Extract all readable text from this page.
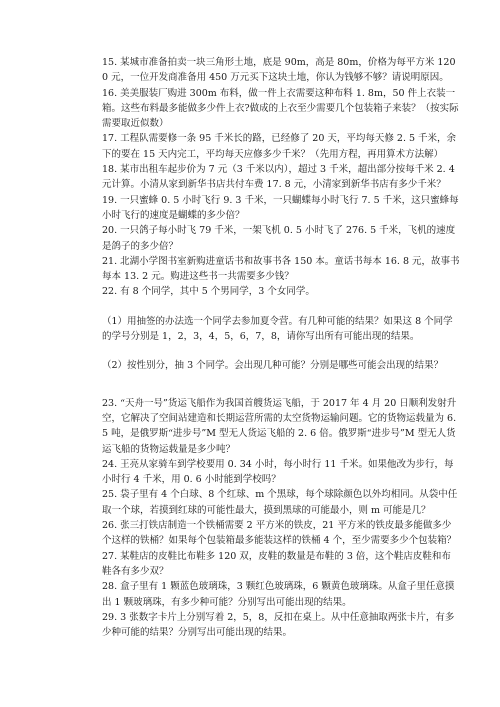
15. 某城市准备拍卖一块三角形土地，底是 90m，高是 80m，价格为每平方米 1200 元，一位开发商准备用 450 万元买下这块土地，你认为钱够不够？请说明原因。

16. 美美服装厂购进 300m 布料，做一件上衣需要这种布料 1. 8m，50 件上衣装一箱。这些布料最多能做多少件上衣?做成的上衣至少需要几个包装箱子来装？（按实际需要取近似数）

17. 工程队需要修一条 95 千米长的路，已经修了 20 天，平均每天修 2. 5 千米，余下的要在 15 天内完工，平均每天应修多少千米？（先用方程，再用算术方法解）

18. 某市出租车起步价为 7 元（3 千米以内），超过 3 千米，超出部分按每千米 2. 4 元计算。小清从家到新华书店共付车费 17. 8 元，小清家到新华书店有多少千米？

19. 一只蜜蜂 0. 5 小时飞行 9. 3 千米，一只蝴蝶每小时飞行 7. 5 千米，这只蜜蜂每小时飞行的速度是蝴蝶的多少倍？

20. 一只鸽子每小时飞 79 千米，一架飞机 0. 5 小时飞了 276. 5 千米，飞机的速度是鸽子的多少倍？

21. 北湖小学图书室新购进童话书和故事书各 150 本。童话书每本 16. 8 元，故事书每本 13. 2 元。购进这些书一共需要多少钱？

22. 有 8 个同学，其中 5 个男同学，3 个女同学。

（1）用抽签的办法选一个同学去参加夏令营。有几种可能的结果？如果这 8 个同学的学号分别是 1，2，3，4，5，6，7，8，请你写出所有可能出现的结果。

（2）按性别分，抽 3 个同学。会出现几种可能？分别是哪些可能会出现的结果？

23. “天舟一号”货运飞船作为我国首艘货运飞船，于 2017 年 4 月 20 日顺利发射升空，它解决了空间站建造和长期运营所需的太空货物运输问题。它的货物运载量为 6. 5 吨，是俄罗斯“进步号”M 型无人货运飞船的 2. 6 倍。俄罗斯“进步号”M 型无人货运飞船的货物运载量是多少吨？

24. 王亮从家骑车到学校要用 0. 34 小时，每小时行 11 千米。如果他改为步行，每小时行 4 千米，用 0. 6 小时能到学校吗？

25. 袋子里有 4 个白球、8 个红球、m 个黑球，每个球除颜色以外均相同。从袋中任取一个球，若摸到红球的可能性最大，摸到黑球的可能最小，则 m 可能是几？

26. 张三打铁店制造一个铁桶需要 2 平方米的铁皮，21 平方米的铁皮最多能做多少个这样的铁桶？如果每个包装箱最多能装这样的铁桶 4 个，至少需要多少个包装箱？

27. 某鞋店的皮鞋比布鞋多 120 双，皮鞋的数量是布鞋的 3 倍，这个鞋店皮鞋和布鞋各有多少双？

28. 盒子里有 1 颗蓝色玻璃珠，3 颗红色玻璃珠，6 颗黄色玻璃珠。从盒子里任意摸出 1 颗玻璃珠，有多少种可能？分别写出可能出现的结果。

29. 3 张数字卡片上分别写着 2，5，8，反扣在桌上。从中任意抽取两张卡片，有多少种可能的结果？分别写出可能出现的结果。
